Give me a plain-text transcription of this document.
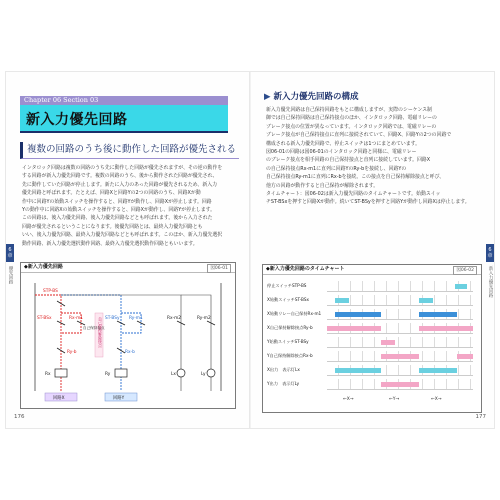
Chapter 06 Section 03
新入力優先回路
複数の回路のうち後に動作した回路が優先される
インタロック回路は複数の回路のうち先に動作した回路が優先されますが、その逆の動作を
する回路が新入力優先回路です。複数の回路のうち、後から動作された回路が優先され、
先に動作していた回路が停止します。新たに入力のあった回路が優先されるため、新入力
優先回路と呼ばれます。たとえば、回路Xと回路Yの2つの回路のうち、回路Xが動
作中に回路Yの始動スイッチを操作すると、回路Yが動作し、回路Xが停止します。回路
Yの動作中に回路Xの始動スイッチを操作すると、回路Xが動作し、回路Yが停止します。
この回路は、後入力優先回路、後入力優先回路などとも呼ばれます。後から入力された
回路が優先されるということになります。後優先回路とは、最終入力優先回路とも
いい、後入力優先回路、最終入力優先回路などとも呼ばれます。このほか、新入力優先選択
動作回路、新入力優先選択動作回路、最終入力優先選択動作回路ともいいます。
◆新入力優先回路	図06-01
STP-BS
ST-BSx	Rx-m1
Ry-b
ST-BSy Ry-m1
Rx-b
Rx-m2	Ry-m2
Rx	Ry	Lx	Ly
回路X	回路Y
自己保持接点
自己保持解除接点
6章
優先回路
176
▶ 新入力優先回路の構成
新入力優先回路は自己保持回路をもとに構成しますが、実際のシーケンス制
御では自己保持回路は自己保持接点のほか、インタロック回路、電磁リレーの
ブレーク接点の位置が異なっています。インタロック回路では、電磁リレーの
ブレーク接点が自己保持接点に直列に接続されていて、回路X、回路Yの2つの回路で
構成される新入力優先回路で、停止スイッチは1つにまとめています。
図06-01の回路は図06-01のインタロック回路と同様に、電磁リレー
のブレーク接点を相手回路の自己保持接点と直列に接続しています。回路X
の自己保持接点Rx-m1に直列に回路YのRy-bを接続し、回路Yの
自己保持接点Ry-m1に直列にRx-bを接続。この接点を自己保持解除接点と呼び、
他方の回路が動作すると自己保持が解除されます。
タイムチャート：図06-02は新入力優先回路のタイムチャートです。始動スイッ
チST-BSxを押すと回路Xが動作。続いてST-BSyを押すと回路Yが動作し回路Xは停止します。
◆新入力優先回路のタイムチャート	図06-02
停止スイッチSTP-BS
X始動スイッチST-BSx
X始動リレー自己保持Rx-m1
X自己保持解除接点Ry-b
Y始動スイッチST-BSy
Y自己保持解除接点Rx-b
X出力　表示灯Lx
Y出力　表示灯Ly
←X→	←Y→	←X→
6章
新入力優先回路
177
